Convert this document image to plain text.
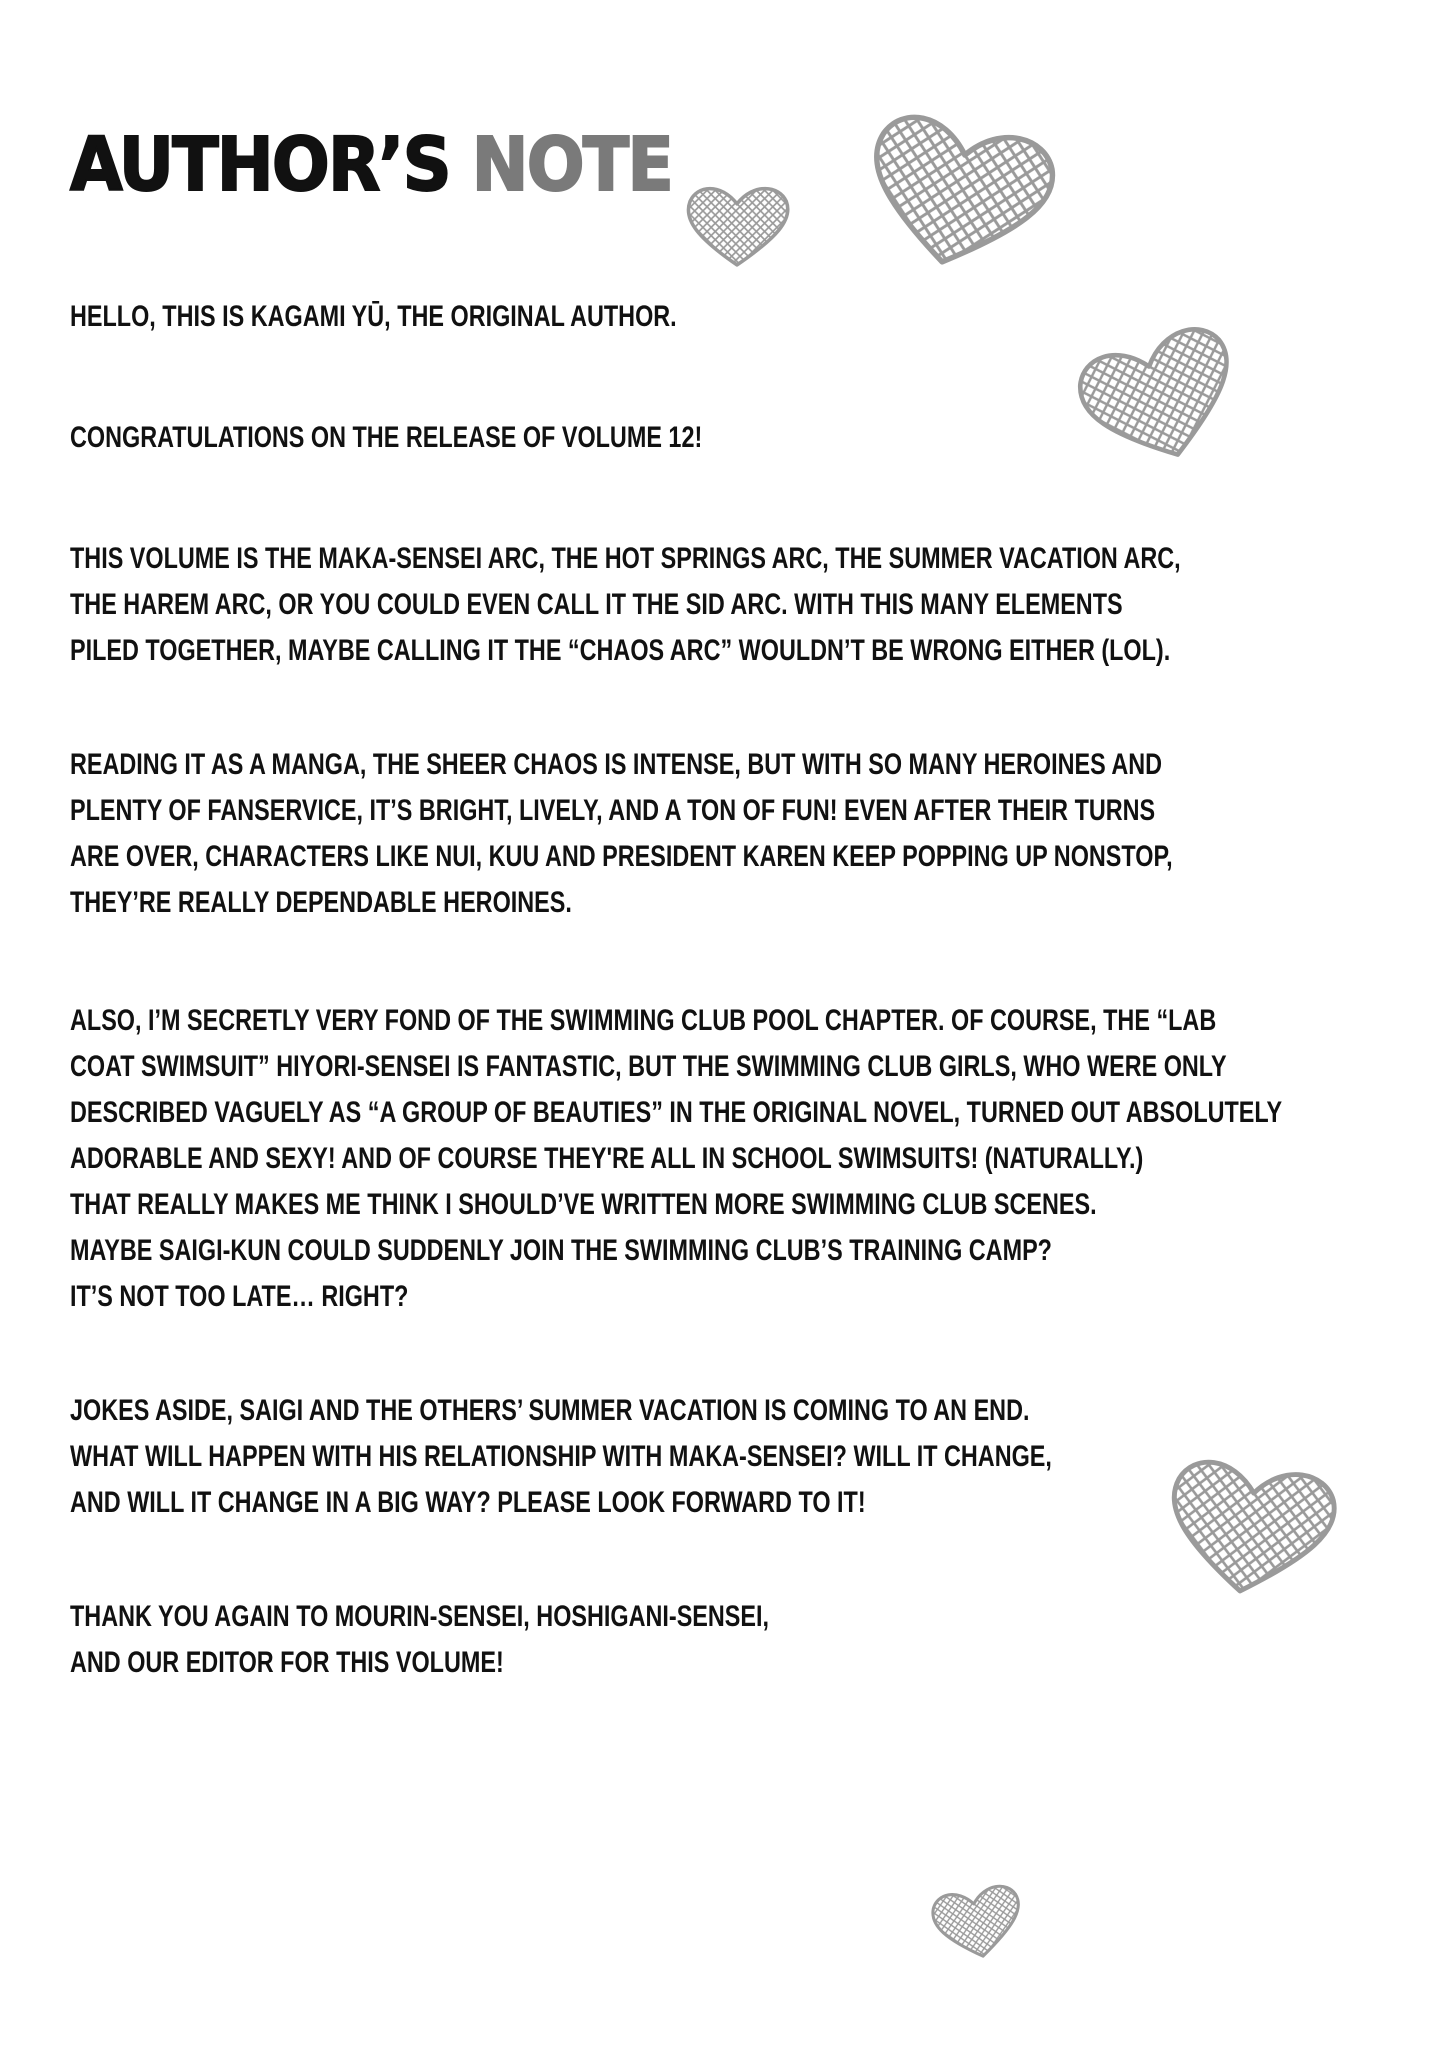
AUTHOR’S NOTE

HELLO, THIS IS KAGAMI YŪ, THE ORIGINAL AUTHOR.

CONGRATULATIONS ON THE RELEASE OF VOLUME 12!

THIS VOLUME IS THE MAKA-SENSEI ARC, THE HOT SPRINGS ARC, THE SUMMER VACATION ARC,
THE HAREM ARC, OR YOU COULD EVEN CALL IT THE SID ARC. WITH THIS MANY ELEMENTS
PILED TOGETHER, MAYBE CALLING IT THE “CHAOS ARC” WOULDN’T BE WRONG EITHER (LOL).

READING IT AS A MANGA, THE SHEER CHAOS IS INTENSE, BUT WITH SO MANY HEROINES AND
PLENTY OF FANSERVICE, IT’S BRIGHT, LIVELY, AND A TON OF FUN! EVEN AFTER THEIR TURNS
ARE OVER, CHARACTERS LIKE NUI, KUU AND PRESIDENT KAREN KEEP POPPING UP NONSTOP,
THEY’RE REALLY DEPENDABLE HEROINES.

ALSO, I’M SECRETLY VERY FOND OF THE SWIMMING CLUB POOL CHAPTER. OF COURSE, THE “LAB
COAT SWIMSUIT” HIYORI-SENSEI IS FANTASTIC, BUT THE SWIMMING CLUB GIRLS, WHO WERE ONLY
DESCRIBED VAGUELY AS “A GROUP OF BEAUTIES” IN THE ORIGINAL NOVEL, TURNED OUT ABSOLUTELY
ADORABLE AND SEXY! AND OF COURSE THEY'RE ALL IN SCHOOL SWIMSUITS! (NATURALLY.)
THAT REALLY MAKES ME THINK I SHOULD’VE WRITTEN MORE SWIMMING CLUB SCENES.
MAYBE SAIGI-KUN COULD SUDDENLY JOIN THE SWIMMING CLUB’S TRAINING CAMP?
IT’S NOT TOO LATE… RIGHT?

JOKES ASIDE, SAIGI AND THE OTHERS’ SUMMER VACATION IS COMING TO AN END.
WHAT WILL HAPPEN WITH HIS RELATIONSHIP WITH MAKA-SENSEI? WILL IT CHANGE,
AND WILL IT CHANGE IN A BIG WAY? PLEASE LOOK FORWARD TO IT!

THANK YOU AGAIN TO MOURIN-SENSEI, HOSHIGANI-SENSEI,
AND OUR EDITOR FOR THIS VOLUME!
